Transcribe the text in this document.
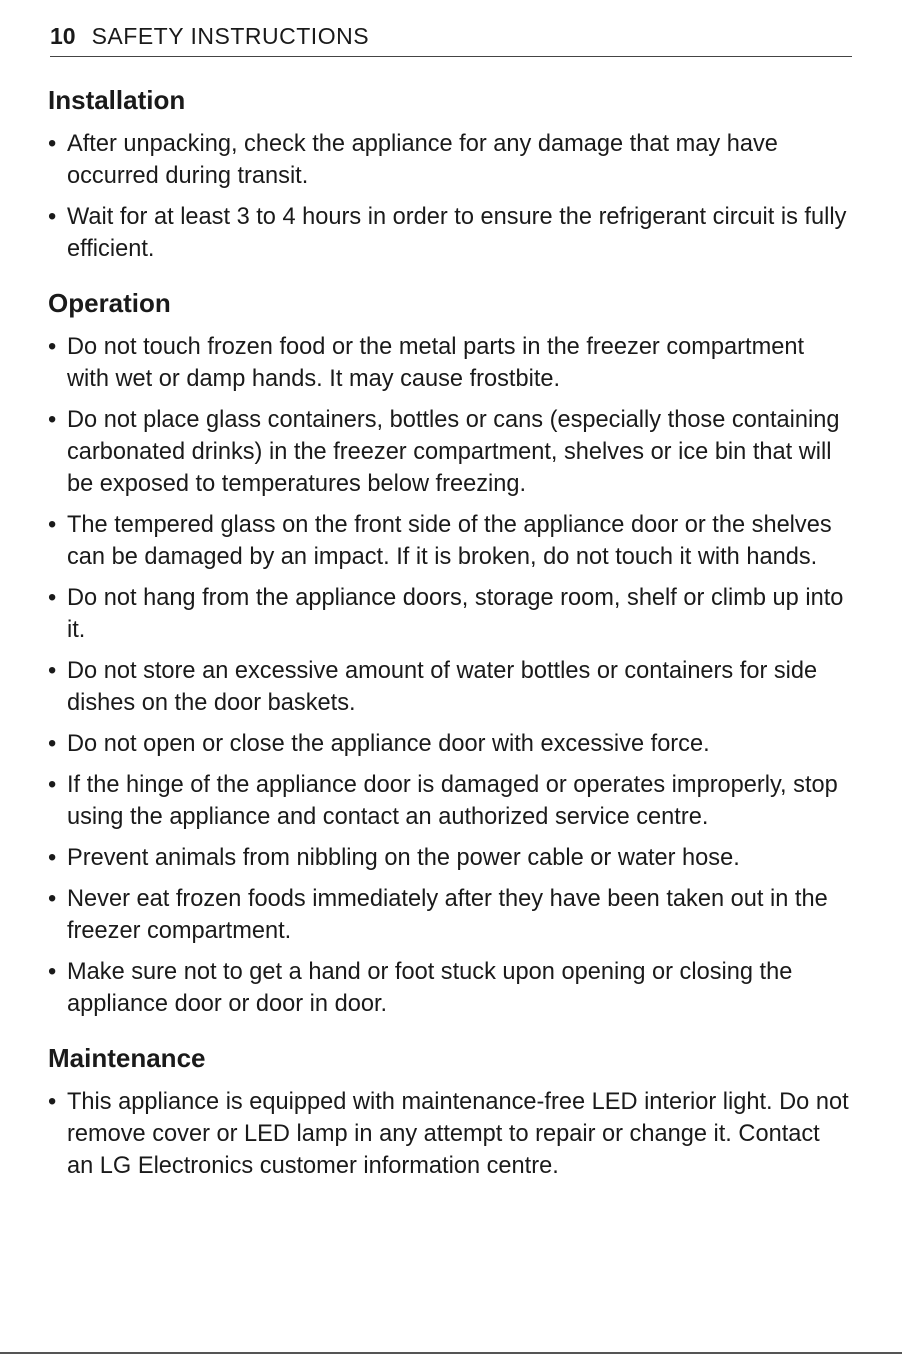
10 SAFETY INSTRUCTIONS
Installation
• After unpacking, check the appliance for any damage that may have occurred during transit.
• Wait for at least 3 to 4 hours in order to ensure the refrigerant circuit is fully efficient.
Operation
• Do not touch frozen food or the metal parts in the freezer compartment with wet or damp hands. It may cause frostbite.
• Do not place glass containers, bottles or cans (especially those containing carbonated drinks) in the freezer compartment, shelves or ice bin that will be exposed to temperatures below freezing.
• The tempered glass on the front side of the appliance door or the shelves can be damaged by an impact. If it is broken, do not touch it with hands.
• Do not hang from the appliance doors, storage room, shelf or climb up into it.
• Do not store an excessive amount of water bottles or containers for side dishes on the door baskets.
• Do not open or close the appliance door with excessive force.
• If the hinge of the appliance door is damaged or operates improperly, stop using the appliance and contact an authorized service centre.
• Prevent animals from nibbling on the power cable or water hose.
• Never eat frozen foods immediately after they have been taken out in the freezer compartment.
• Make sure not to get a hand or foot stuck upon opening or closing the appliance door or door in door.
Maintenance
• This appliance is equipped with maintenance-free LED interior light. Do not remove cover or LED lamp in any attempt to repair or change it. Contact an LG Electronics customer information centre.
